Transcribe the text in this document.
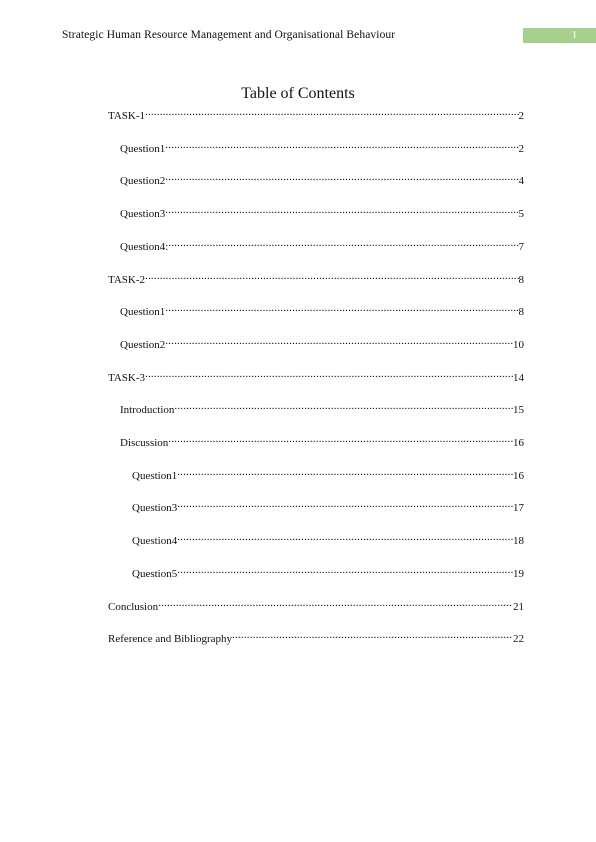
Strategic Human Resource Management and Organisational Behaviour	1
Table of Contents
TASK-1 .....	2
Question1 .....	2
Question2 .....	4
Question3 .....	5
Question4: .....	7
TASK-2 .....	8
Question1 .....	8
Question2 .....	10
TASK-3 .....	14
Introduction .....	15
Discussion .....	16
Question1 .....	16
Question3 .....	17
Question4 .....	18
Question5 .....	19
Conclusion .....	21
Reference and Bibliography .....	22
